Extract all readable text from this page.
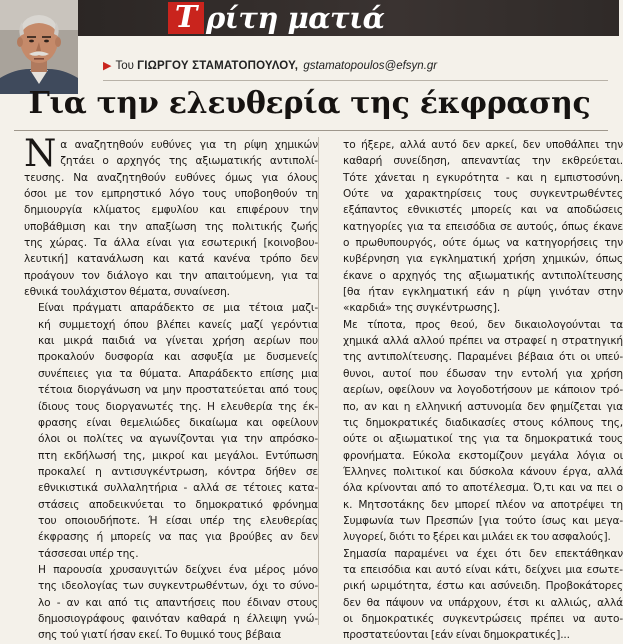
Τ ρίτη ματιά
▶ Του ΓΙΩΡΓΟΥ ΣΤΑΜΑΤΟΠΟΥΛΟΥ, gstamatopoulos@efsyn.gr
Για την ελευθερία της έκφρασης
Ν α αναζητηθούν ευθύνες για τη ρίψη χημικών
ζητάει ο αρχηγός της αξιωματικής αντιπολί-
τευσης. Να αναζητηθούν ευθύνες όμως για όλους
όσοι με τον εμπρηστικό λόγο τους υποβοηθούν τη
δημιουργία κλίματος εμφυλίου και επιφέρουν την
υποβάθμιση και την απαξίωση της πολιτικής ζωής
της χώρας. Τα άλλα είναι για εσωτερική [κοινοβου-
λευτική] κατανάλωση και κατά κανένα τρόπο δεν
προάγουν τον διάλογο και την απαιτούμενη, για τα
εθνικά τουλάχιστον θέματα, συναίνεση.
Είναι πράγματι απαράδεκτο σε μια τέτοια μαζι-
κή συμμετοχή όπου βλέπει κανείς μαζί γερόντια
και μικρά παιδιά να γίνεται χρήση αερίων που
προκαλούν δυσφορία και ασφυξία με δυσμενείς
συνέπειες για τα θύματα. Απαράδεκτο επίσης μια
τέτοια διοργάνωση να μην προστατεύεται από τους
ίδιους τους διοργανωτές της. Η ελευθερία της έκ-
φρασης είναι θεμελιώδες δικαίωμα και οφείλουν
όλοι οι πολίτες να αγωνίζονται για την απρόσκο-
πτη εκδήλωσή της, μικροί και μεγάλοι. Εντύπωση
προκαλεί η αντισυγκέντρωση, κόντρα δήθεν σε
εθνικιστικά συλλαλητήρια - αλλά σε τέτοιες κατα-
στάσεις αποδεικνύεται το δημοκρατικό φρόνημα
του οποιουδήποτε. Ή είσαι υπέρ της ελευθερίας
έκφρασης ή μπορείς να πας για βρούβες αν δεν
τάσσεσαι υπέρ της.
Η παρουσία χρυσαυγιτών δείχνει ένα μέρος μόνο
της ιδεολογίας των συγκεντρωθέντων, όχι το σύνο-
λο - αν και από τις απαντήσεις που έδιναν στους
δημοσιογράφους φαινόταν καθαρά η έλλειψη γνώ-
σης τού γιατί ήσαν εκεί. Το θυμικό τους βέβαια
το ήξερε, αλλά αυτό δεν αρκεί, δεν υποθάλπει την
καθαρή συνείδηση, απεναντίας την εκθρεύεται.
Τότε χάνεται η εγκυρότητα - και η εμπιστοσύνη.
Ούτε να χαρακτηρίσεις τους συγκεντρωθέντες
εξάπαντος εθνικιστές μπορείς και να αποδώσεις
κατηγορίες για τα επεισόδια σε αυτούς, όπως έκανε
ο πρωθυπουργός, ούτε όμως να κατηγορήσεις την
κυβέρνηση για εγκληματική χρήση χημικών, όπως
έκανε ο αρχηγός της αξιωματικής αντιπολίτευσης
[θα ήταν εγκληματική εάν η ρίψη γινόταν στην
«καρδιά» της συγκέντρωσης].
Με τίποτα, προς θεού, δεν δικαιολογούνται τα
χημικά αλλά αλλού πρέπει να στραφεί η στρατηγική
της αντιπολίτευσης. Παραμένει βέβαια ότι οι υπεύ-
θυνοι, αυτοί που έδωσαν την εντολή για χρήση
αερίων, οφείλουν να λογοδοτήσουν με κάποιον τρό-
πο, αν και η ελληνική αστυνομία δεν φημίζεται για
τις δημοκρατικές διαδικασίες στους κόλπους της,
ούτε οι αξιωματικοί της για τα δημοκρατικά τους
φρονήματα. Εύκολα εκστομίζουν μεγάλα λόγια οι
Έλληνες πολιτικοί και δύσκολα κάνουν έργα, αλλά
όλα κρίνονται από το αποτέλεσμα. Ό,τι και να πει ο
κ. Μητσοτάκης δεν μπορεί πλέον να αποτρέψει τη
Συμφωνία των Πρεσπών [για τούτο ίσως και μεγα-
λυγορεί, διότι το ξέρει και μιλάει εκ του ασφαλούς].
Σημασία παραμένει να έχει ότι δεν επεκτάθηκαν
τα επεισόδια και αυτό είναι κάτι, δείχνει μια εσωτε-
ρική ωριμότητα, έστω και ασύνειδη. Προβοκάτορες
δεν θα πάψουν να υπάρχουν, έτσι κι αλλιώς, αλλά
οι δημοκρατικές συγκεντρώσεις πρέπει να αυτο-
προστατεύονται [εάν είναι δημοκρατικές]...
